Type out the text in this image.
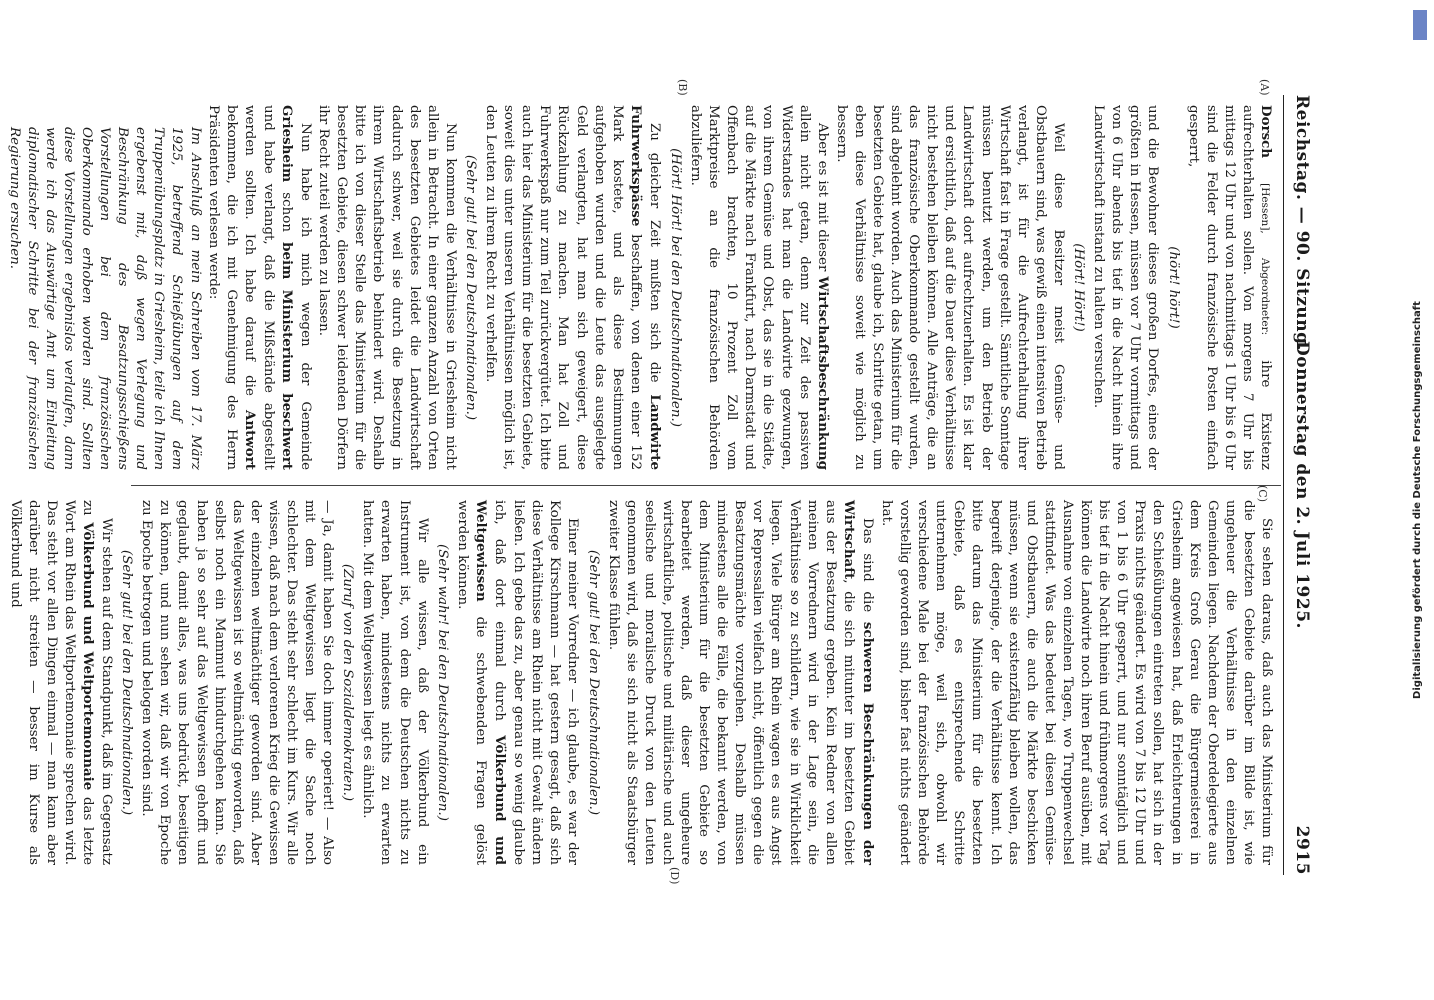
Digitalisierung gefördert durch die Deutsche Forschungsgemeinschaft
Reichstag. — 90. Sitzung.
Donnerstag den 2. Juli 1925.
2915
(A)
(B)
(C)
(D)

Dorsch [Hessen], Abgeordneter: ihre Existenz aufrechterhalten sollen. Von morgens 7 Uhr bis mittags 12 Uhr und von nachmittags 1 Uhr bis 6 Uhr sind die Felder durch französische Posten einfach gesperrt,

(hört! hört!)

und die Bewohner dieses großen Dorfes, eines der größten in Hessen, müssen vor 7 Uhr vormittags und von 6 Uhr abends bis tief in die Nacht hinein ihre Landwirtschaft instand zu halten versuchen.

(Hört! Hört!)

Weil diese Besitzer meist Gemüse- und Obstbauern sind, was gewiß einen intensiven Betrieb verlangt, ist für die Aufrechterhaltung ihrer Wirtschaft fast in Frage gestellt. Sämtliche Sonntage müssen benutzt werden, um den Betrieb der Landwirtschaft dort aufrechtzuerhalten. Es ist klar und ersichtlich, daß auf die Dauer diese Verhältnisse nicht bestehen bleiben können. Alle Anträge, die an das französische Oberkommando gestellt wurden, sind abgelehnt worden. Auch das Ministerium für die besetzten Gebiete hat, glaube ich, Schritte getan, um eben diese Verhältnisse soweit wie möglich zu bessern.

Aber es ist mit dieser Wirtschaftsbeschränkung allein nicht getan, denn zur Zeit des passiven Widerstandes hat man die Landwirte gezwungen, von ihrem Gemüse und Obst, das sie in die Städte, auf die Märkte nach Frankfurt, nach Darmstadt und Offenbach brachten, 10 Prozent Zoll vom Marktpreise an die französischen Behörden abzuliefern.

(Hört! Hört! bei den Deutschnationalen.)

Zu gleicher Zeit mußten sich die Landwirte Fuhrwerkspässe beschaffen, von denen einer 152 Mark kostete, und als diese Bestimmungen aufgehoben wurden und die Leute das ausgelegte Geld verlangten, hat man sich geweigert, diese Rückzahlung zu machen. Man hat Zoll und Fuhrwerkspaß nur zum Teil zurückvergütet. Ich bitte auch hier das Ministerium für die besetzten Gebiete, soweit dies unter unseren Verhältnissen möglich ist, den Leuten zu ihrem Recht zu verhelfen.

(Sehr gut! bei den Deutschnationalen.)

Nun kommen die Verhältnisse in Griesheim nicht allein in Betracht. In einer ganzen Anzahl von Orten des besetzten Gebietes leidet die Landwirtschaft dadurch schwer, weil sie durch die Besetzung in ihrem Wirtschaftsbetrieb behindert wird. Deshalb bitte ich von dieser Stelle das Ministerium für die besetzten Gebiete, diesen schwer leidenden Dörfern ihr Recht zuteil werden zu lassen.

Nun habe ich mich wegen der Gemeinde Griesheim schon beim Ministerium beschwert und habe verlangt, daß die Mißstände abgestellt werden sollten. Ich habe darauf die Antwort bekommen, die ich mit Genehmigung des Herrn Präsidenten verlesen werde:

Im Anschluß an mein Schreiben vom 17. März 1925, betreffend Schießübungen auf dem Truppenübungsplatz in Griesheim, teile ich Ihnen ergebenst mit, daß wegen Verlegung und Beschränkung des Besatzungsschießens Vorstellungen bei dem französischen Oberkommando erhoben worden sind. Sollten diese Vorstellungen ergebnislos verlaufen, dann werde ich das Auswärtige Amt um Einleitung diplomatischer Schritte bei der französischen Regierung ersuchen.

Sie sehen daraus, daß auch das Ministerium für die besetzten Gebiete darüber im Bilde ist, wie ungeheuer die Verhältnisse in den einzelnen Gemeinden liegen. Nachdem der Oberdelegierte aus dem Kreis Groß Gerau die Bürgermeisterei in Griesheim angewiesen hat, daß Erleichterungen in den Schießübungen eintreten sollen, hat sich in der Praxis nichts geändert. Es wird von 7 bis 12 Uhr und von 1 bis 6 Uhr gesperrt, und nur sonntäglich und bis tief in die Nacht hinein und frühmorgens vor Tag können die Landwirte noch ihren Beruf ausüben, mit Ausnahme von einzelnen Tagen, wo Truppenwechsel stattfindet. Was das bedeutet bei diesen Gemüse- und Obstbauern, die auch die Märkte beschicken müssen, wenn sie existenzfähig bleiben wollen, das begreift derjenige, der die Verhältnisse kennt. Ich bitte darum das Ministerium für die besetzten Gebiete, daß es entsprechende Schritte unternehmen möge, weil sich, obwohl wir verschiedene Male bei der französischen Behörde vorstellig geworden sind, bisher fast nichts geändert hat.

Das sind die schweren Beschränkungen der Wirtschaft, die sich mitunter im besetzten Gebiet aus der Besatzung ergeben. Kein Redner von allen meinen Vorrednern wird in der Lage sein, die Verhältnisse so zu schildern, wie sie in Wirklichkeit liegen. Viele Bürger am Rhein wagen es aus Angst vor Repressalien vielfach nicht, öffentlich gegen die Besatzungsmächte vorzugehen. Deshalb müssen mindestens alle die Fälle, die bekannt werden, von dem Ministerium für die besetzten Gebiete so bearbeitet werden, daß dieser ungeheure wirtschaftliche, politische und militärische und auch seelische und moralische Druck von den Leuten genommen wird, daß sie sich nicht als Staatsbürger zweiter Klasse fühlen.

(Sehr gut! bei den Deutschnationalen.)

Einer meiner Vorredner — ich glaube, es war der Kollege Kirschmann — hat gestern gesagt, daß sich diese Verhältnisse am Rhein nicht mit Gewalt ändern ließen. Ich gebe das zu, aber genau so wenig glaube ich, daß dort einmal durch Völkerbund und Weltgewissen die schwebenden Fragen gelöst werden können.

(Sehr wahr! bei den Deutschnationalen.)

Wir alle wissen, daß der Völkerbund ein Instrument ist, von dem die Deutschen nichts zu erwarten haben, mindestens nichts zu erwarten hatten. Mit dem Weltgewissen liegt es ähnlich.

(Zuruf von den Sozialdemokraten.)

— Ja, damit haben Sie doch immer operiert! — Also mit dem Weltgewissen liegt die Sache noch schlechter. Das steht sehr schlecht im Kurs. Wir alle wissen, daß nach dem verlorenen Krieg die Gewissen der einzelnen weltmächtiger geworden sind. Aber das Weltgewissen ist so weltmächtig geworden, daß selbst noch ein Mammut hindurchgehen kann. Sie haben ja so sehr auf das Weltgewissen gehofft und geglaubt, damit alles, was uns bedrückt, beseitigen zu können, und nun sehen wir, daß wir von Epoche zu Epoche betrogen und belogen worden sind.

(Sehr gut! bei den Deutschnationalen.)

Wir stehen auf dem Standpunkt, daß im Gegensatz zu Völkerbund und Weltportemonnaie das letzte Wort am Rhein das Weltportemonnaie sprechen wird. Das steht vor allen Dingen einmal — man kann aber darüber nicht streiten — besser im Kurse als Völkerbund und
